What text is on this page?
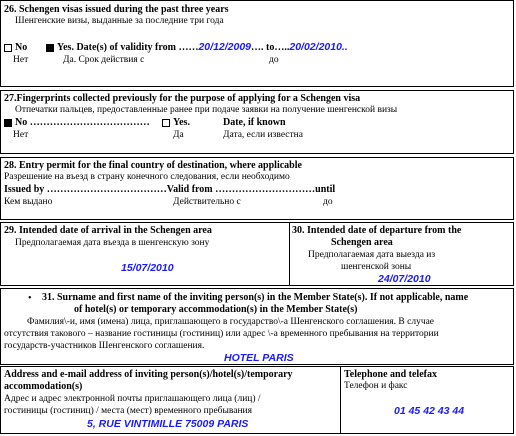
26. Schengen visas issued during the past three years
Шенгенские визы, выданные за последние три года
No	Yes. Date(s) of validity from ……20/12/2009…. to…..20/02/2010..
Нет	Да. Срок действия с	до
27.Fingerprints collected previously for the purpose of applying for a Schengen visa
Отпечатки пальцев, предоставленные ранее при подаче заявки на получение шенгенской визы
No ………………………………	Yes.	Date, if known
Нет	Да	Дата, если известна
28. Entry permit for the final country of destination, where applicable
Разрешение на въезд в страну конечного следования, если необходимо
Issued by ………………………………Valid from …………………………until
Кем выдано	Действительно с	до
29. Intended date of arrival in the Schengen area
Предполагаемая дата въезда в шенгенскую зону
15/07/2010
30. Intended date of departure from the
Schengen area
Предполагаемая дата выезда из
шенгенской зоны
24/07/2010
• 31. Surname and first name of the inviting person(s) in the Member State(s). If not applicable, name
of hotel(s) or temporary accommodation(s) in the Member State(s)
Фамилия\-и, имя (имена) лица, приглашающего в государство\-а Шенгенского соглашения. В случае
отсутствия такового – название гостиницы (гостиниц) или адрес \-а временного пребывания на территории
государств-участников Шенгенского соглашения.
HOTEL PARIS
Address and e-mail address of inviting person(s)/hotel(s)/temporary
accommodation(s)
Адрес и адрес электронной почты приглашающего лица (лиц) /
гостиницы (гостиниц) / места (мест) временного пребывания
5, RUE VINTIMILLE 75009 PARIS
Telephone and telefax
Телефон и факс
01 45 42 43 44
